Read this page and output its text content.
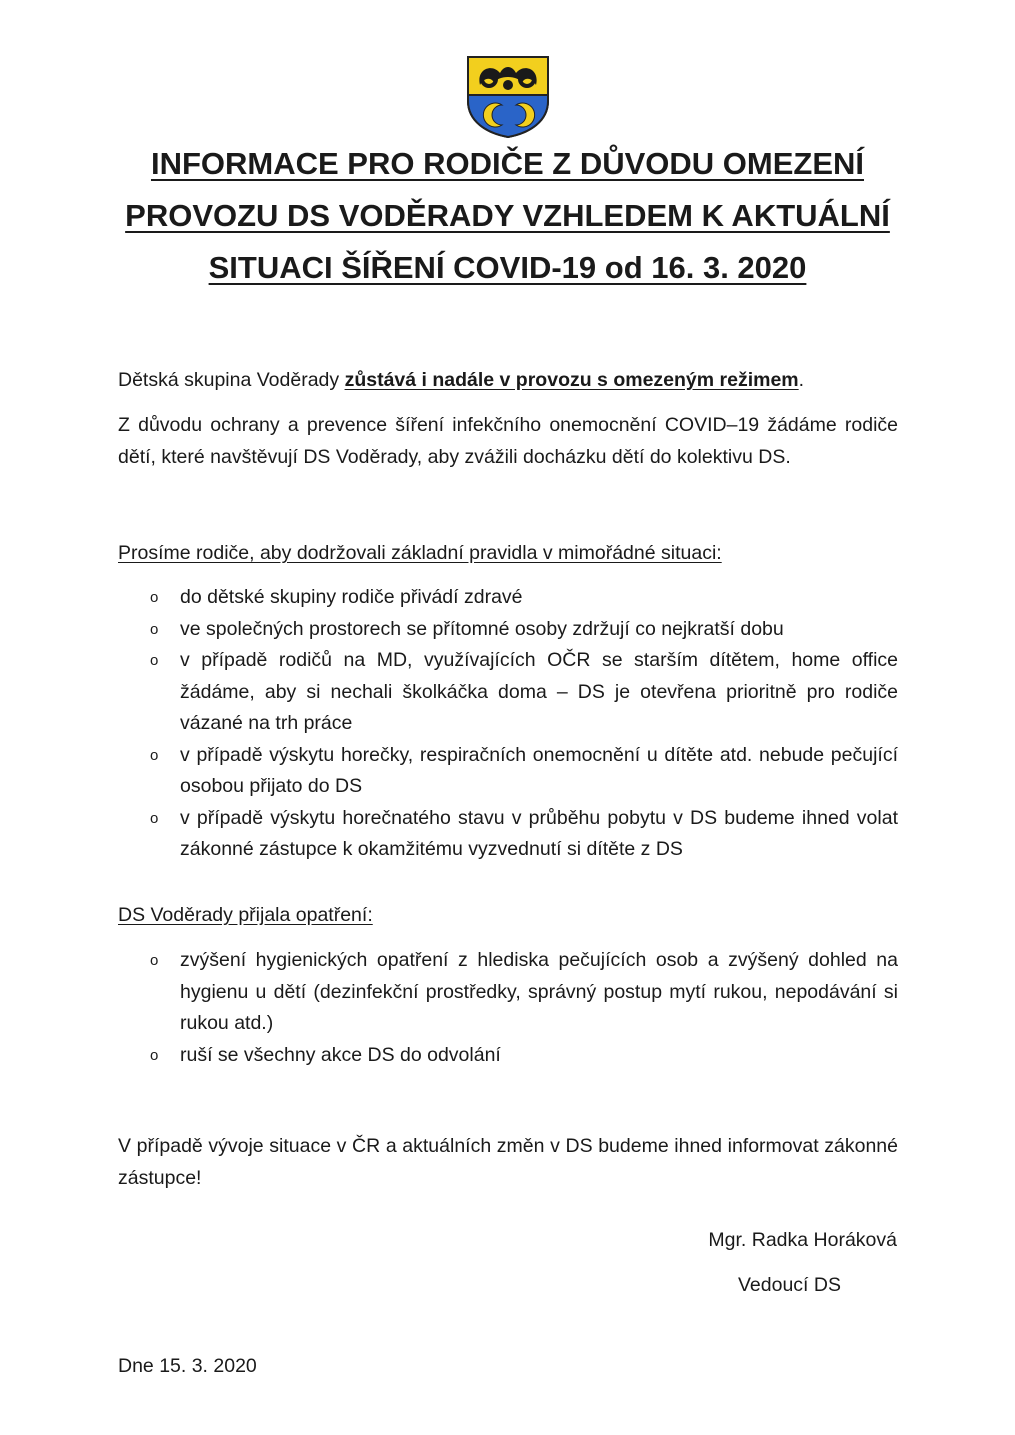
INFORMACE PRO RODIČE Z DŮVODU OMEZENÍ
PROVOZU DS VODĚRADY VZHLEDEM K AKTUÁLNÍ
SITUACI ŠÍŘENÍ COVID-19 od 16. 3. 2020

Dětská skupina Voděrady zůstává i nadále v provozu s omezeným režimem.

Z důvodu ochrany a prevence šíření infekčního onemocnění COVID–19 žádáme rodiče dětí, které navštěvují DS Voděrady, aby zvážili docházku dětí do kolektivu DS.

Prosíme rodiče, aby dodržovali základní pravidla v mimořádné situaci:

o	do dětské skupiny rodiče přivádí zdravé
o	ve společných prostorech se přítomné osoby zdržují co nejkratší dobu
o	v případě rodičů na MD, využívajících OČR se starším dítětem, home office žádáme, aby si nechali školkáčka doma – DS je otevřena prioritně pro rodiče vázané na trh práce
o	v případě výskytu horečky, respiračních onemocnění u dítěte atd. nebude pečující osobou přijato do DS
o	v případě výskytu horečnatého stavu v průběhu pobytu v DS budeme ihned volat zákonné zástupce k okamžitému vyzvednutí si dítěte z DS

DS Voděrady přijala opatření:

o	zvýšení hygienických opatření z hlediska pečujících osob a zvýšený dohled na hygienu u dětí (dezinfekční prostředky, správný postup mytí rukou, nepodávání si rukou atd.)
o	ruší se všechny akce DS do odvolání

V případě vývoje situace v ČR a aktuálních změn v DS budeme ihned informovat zákonné zástupce!

Mgr. Radka Horáková
Vedoucí DS
Dne 15. 3. 2020
